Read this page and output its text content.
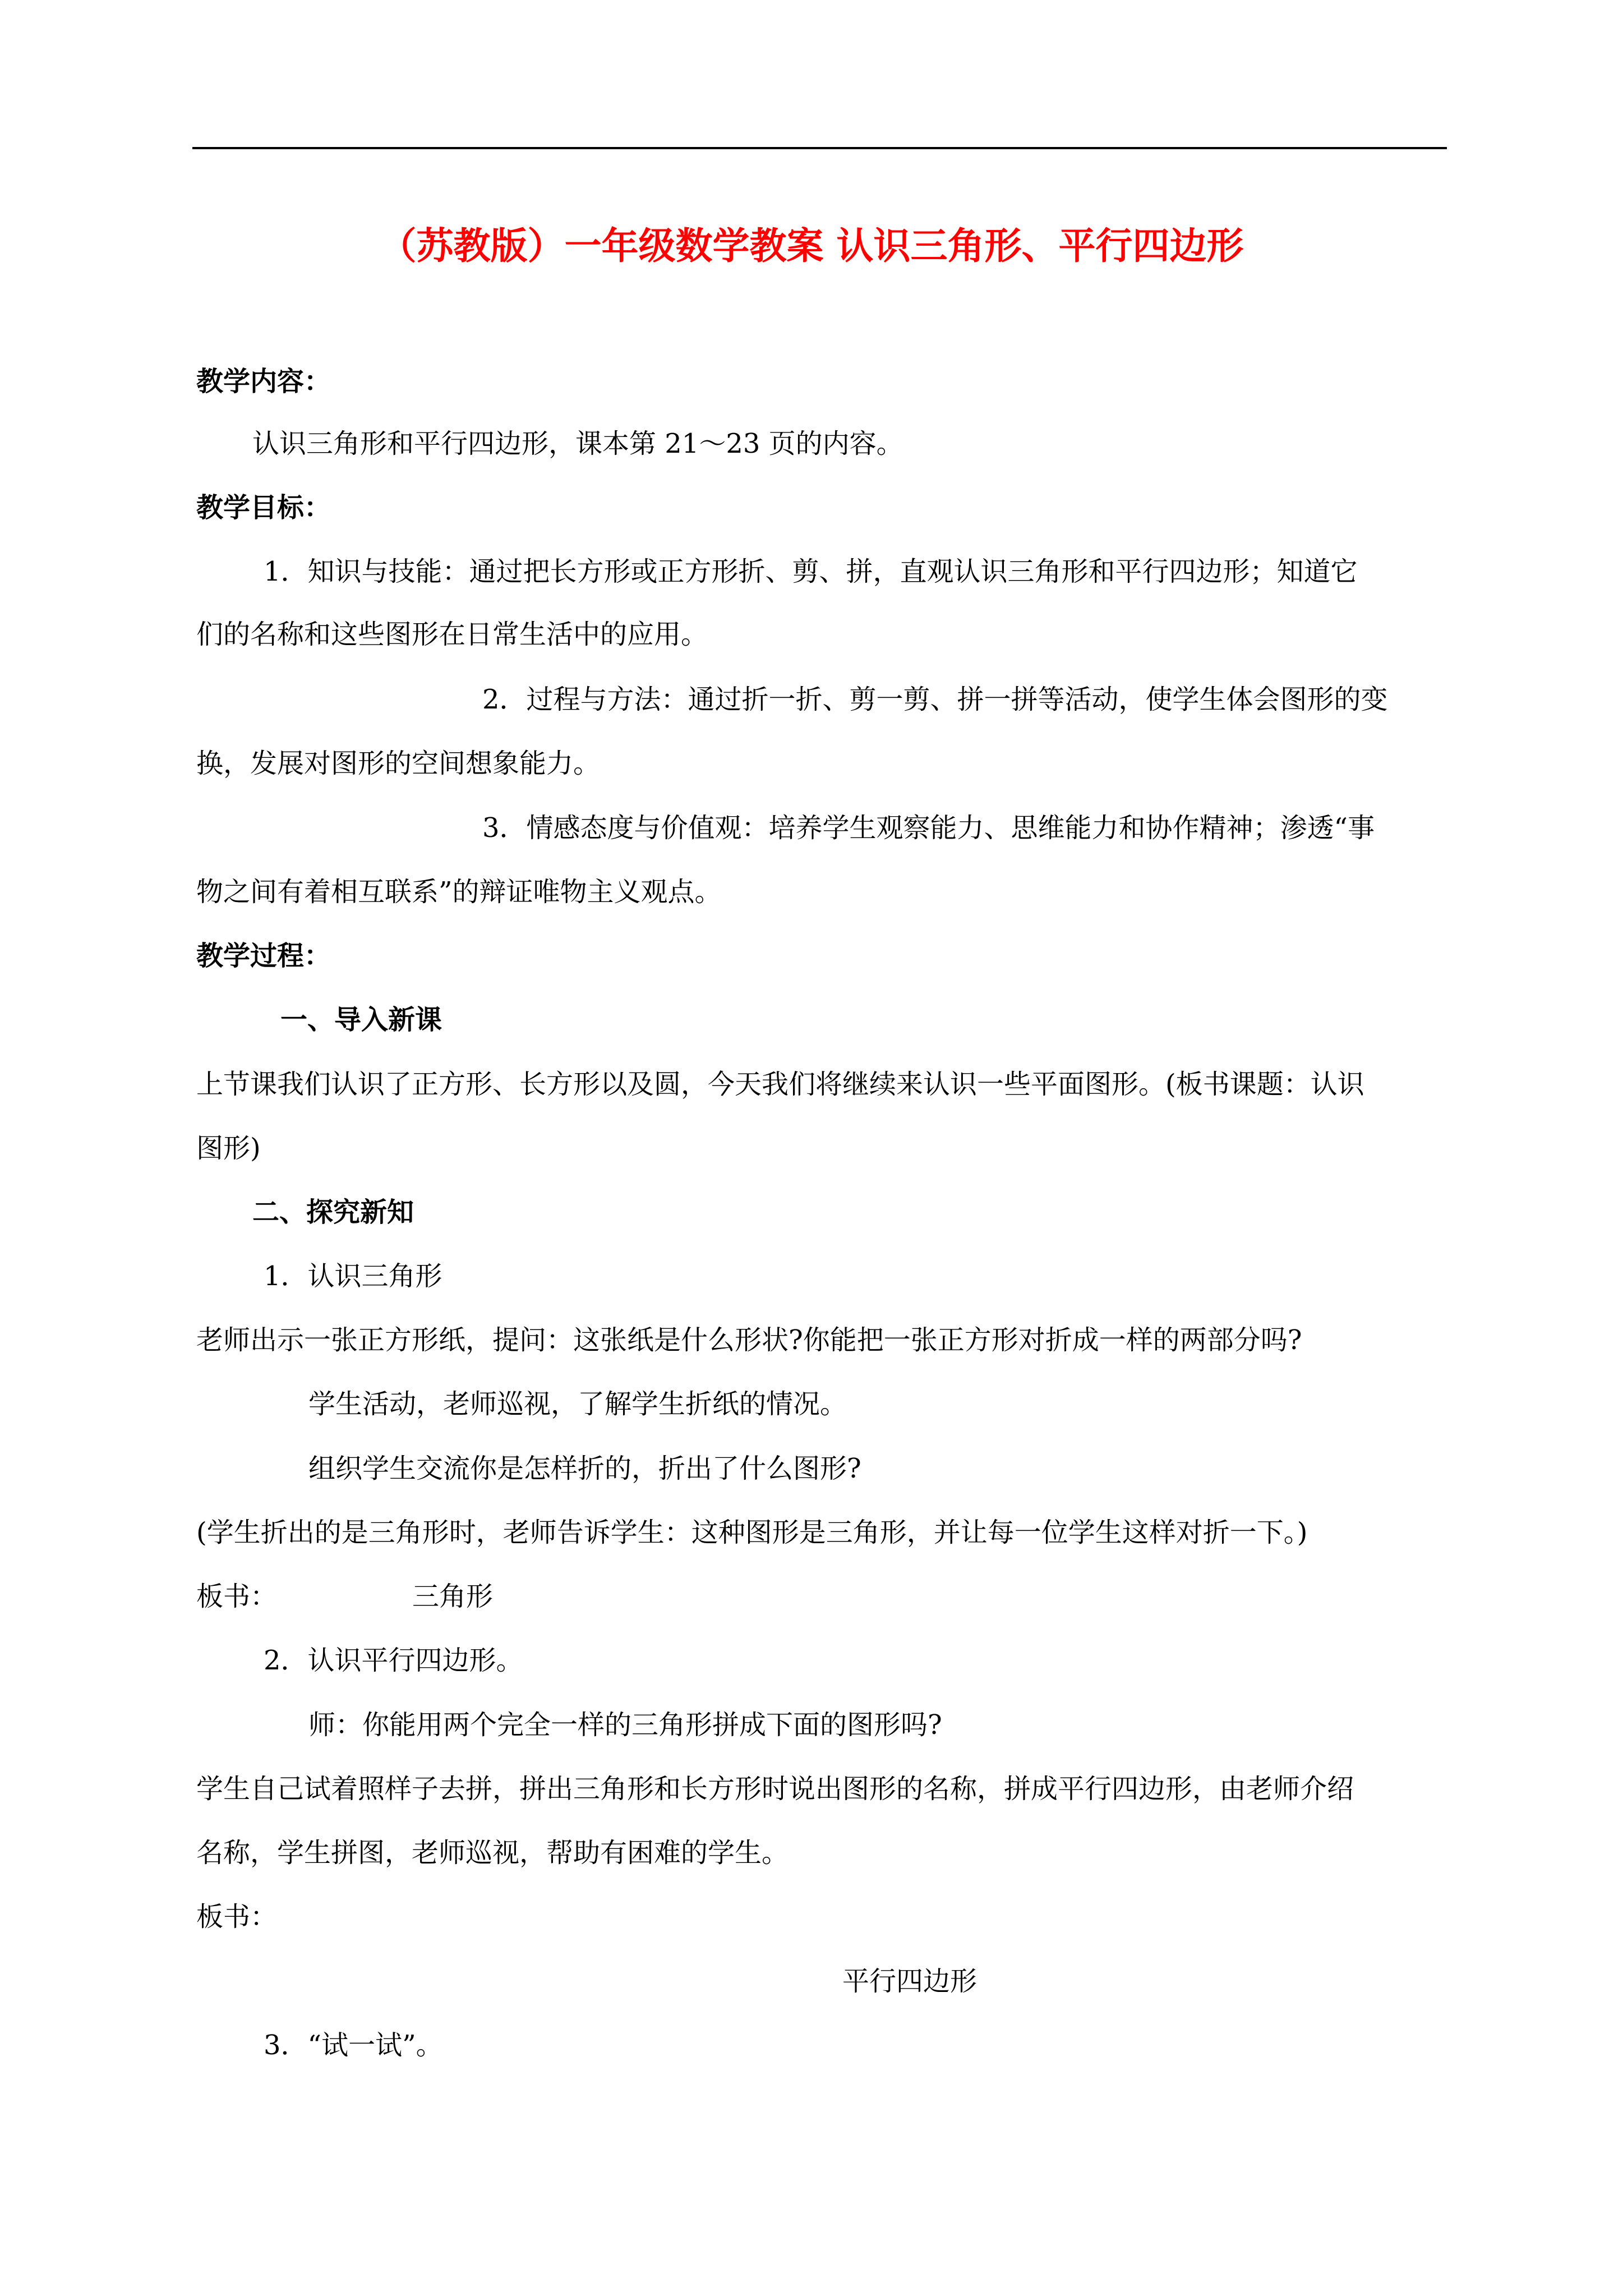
（苏教版）一年级数学教案 认识三角形、平行四边形
教学内容：
认识三角形和平行四边形，课本第 21～23 页的内容。
教学目标：
1．知识与技能：通过把长方形或正方形折、剪、拼，直观认识三角形和平行四边形；知道它
们的名称和这些图形在日常生活中的应用。
2．过程与方法：通过折一折、剪一剪、拼一拼等活动，使学生体会图形的变
换，发展对图形的空间想象能力。
3．情感态度与价值观：培养学生观察能力、思维能力和协作精神；渗透“事
物之间有着相互联系”的辩证唯物主义观点。
教学过程：
一、导入新课
上节课我们认识了正方形、长方形以及圆，今天我们将继续来认识一些平面图形。(板书课题：认识
图形)
二、探究新知
1．认识三角形
老师出示一张正方形纸，提问：这张纸是什么形状?你能把一张正方形对折成一样的两部分吗?
学生活动，老师巡视，了解学生折纸的情况。
组织学生交流你是怎样折的，折出了什么图形?
(学生折出的是三角形时，老师告诉学生：这种图形是三角形，并让每一位学生这样对折一下。)
板书：	三角形
2．认识平行四边形。
师：你能用两个完全一样的三角形拼成下面的图形吗?
学生自己试着照样子去拼，拼出三角形和长方形时说出图形的名称，拼成平行四边形，由老师介绍
名称，学生拼图，老师巡视，帮助有困难的学生。
板书：
平行四边形
3．“试一试”。
